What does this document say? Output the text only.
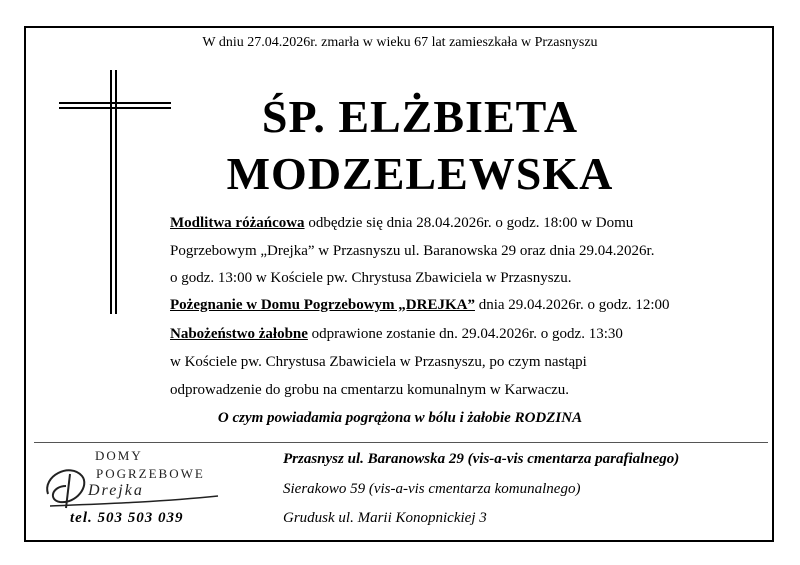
W dniu 27.04.2026r. zmarła w wieku 67 lat zamieszkała w Przasnyszu
ŚP. ELŻBIETA
MODZELEWSKA
Modlitwa różańcowa odbędzie się dnia 28.04.2026r. o godz. 18:00 w Domu
Pogrzebowym „Drejka” w Przasnyszu ul. Baranowska 29 oraz dnia 29.04.2026r.
o godz. 13:00 w Kościele pw. Chrystusa Zbawiciela w Przasnyszu.
Pożegnanie w Domu Pogrzebowym „DREJKA” dnia 29.04.2026r. o godz. 12:00
Nabożeństwo żałobne odprawione zostanie dn. 29.04.2026r. o godz. 13:30
w Kościele pw. Chrystusa Zbawiciela w Przasnyszu, po czym nastąpi
odprowadzenie do grobu na cmentarzu komunalnym w Karwaczu.
O czym powiadamia pogrążona w bólu i żałobie RODZINA
DOMY
POGRZEBOWE
Drejka
tel. 503 503 039
Przasnysz ul. Baranowska 29 (vis-a-vis cmentarza parafialnego)
Sierakowo 59 (vis-a-vis cmentarza komunalnego)
Grudusk ul. Marii Konopnickiej 3
